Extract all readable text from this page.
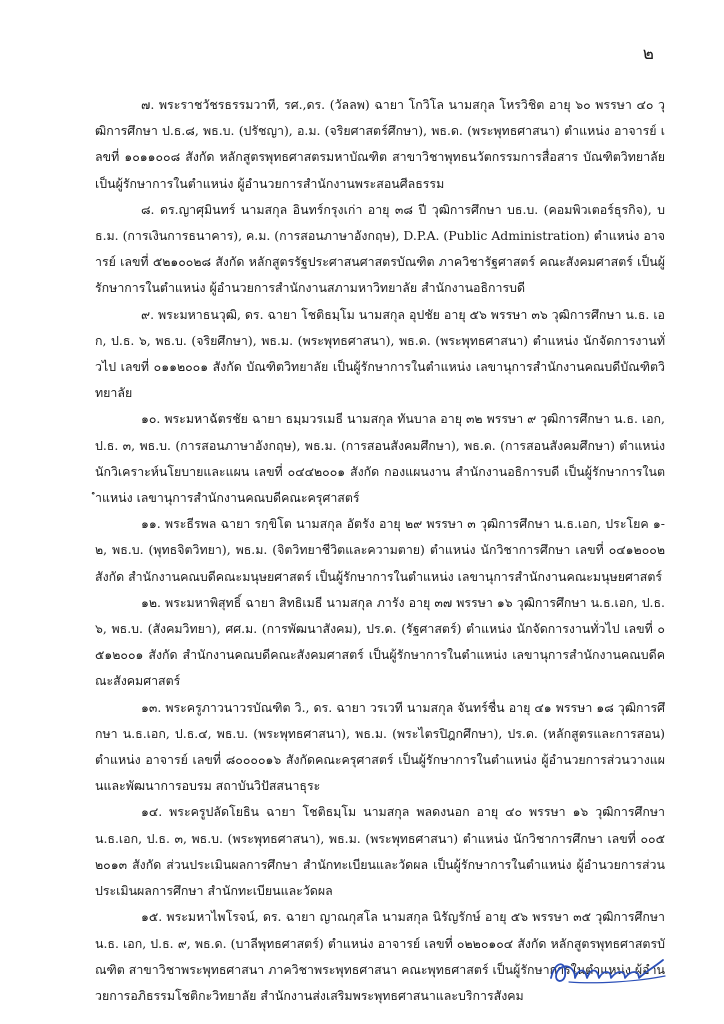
๒

๗. พระราชวัชรธรรมวาที, รศ.,ดร. (วัลลพ) ฉายา โกวิโล นามสกุล โหรวิชิต อายุ ๖๐ พรรษา ๔๐ วุฒิการศึกษา ป.ธ.๘, พธ.บ. (ปรัชญา), อ.ม. (จริยศาสตร์ศึกษา), พธ.ด. (พระพุทธศาสนา) ตำแหน่ง อาจารย์ เลขที่ ๑๐๑๑๐๐๘ สังกัด หลักสูตรพุทธศาสตรมหาบัณฑิต สาขาวิชาพุทธนวัตกรรมการสื่อสาร บัณฑิตวิทยาลัย เป็นผู้รักษาการในตำแหน่ง ผู้อำนวยการสำนักงานพระสอนศีลธรรม

๘. ดร.ญาศุมินทร์ นามสกุล อินทร์กรุงเก่า อายุ ๓๘ ปี วุฒิการศึกษา บธ.บ. (คอมพิวเตอร์ธุรกิจ), บธ.ม. (การเงินการธนาคาร), ค.ม. (การสอนภาษาอังกฤษ), D.P.A. (Public Administration) ตำแหน่ง อาจารย์ เลขที่ ๕๒๑๐๐๒๘ สังกัด หลักสูตรรัฐประศาสนศาสตรบัณฑิต ภาควิชารัฐศาสตร์ คณะสังคมศาสตร์ เป็นผู้รักษาการในตำแหน่ง ผู้อำนวยการสำนักงานสภามหาวิทยาลัย สำนักงานอธิการบดี

๙. พระมหาธนวุฒิ, ดร. ฉายา โชติธมฺโม นามสกุล อุปชัย อายุ ๕๖ พรรษา ๓๖ วุฒิการศึกษา น.ธ. เอก, ป.ธ. ๖, พธ.บ. (จริยศึกษา), พธ.ม. (พระพุทธศาสนา), พธ.ด. (พระพุทธศาสนา) ตำแหน่ง นักจัดการงานทั่วไป เลขที่ ๐๑๑๒๐๐๑ สังกัด บัณฑิตวิทยาลัย เป็นผู้รักษาการในตำแหน่ง เลขานุการสำนักงานคณบดีบัณฑิตวิทยาลัย

๑๐. พระมหาฉัตรชัย ฉายา ธมฺมวรเมธี นามสกุล ทันบาล อายุ ๓๒ พรรษา ๙ วุฒิการศึกษา น.ธ. เอก, ป.ธ. ๓, พธ.บ. (การสอนภาษาอังกฤษ), พธ.ม. (การสอนสังคมศึกษา), พธ.ด. (การสอนสังคมศึกษา) ตำแหน่ง นักวิเคราะห์นโยบายและแผน เลขที่ ๐๔๔๒๐๐๑ สังกัด กองแผนงาน สำนักงานอธิการบดี เป็นผู้รักษาการในตำแหน่ง เลขานุการสำนักงานคณบดีคณะครุศาสตร์

๑๑. พระธีรพล ฉายา รกฺขิโต นามสกุล อัตรัง อายุ ๒๙ พรรษา ๓ วุฒิการศึกษา น.ธ.เอก, ประโยค ๑-๒, พธ.บ. (พุทธจิตวิทยา), พธ.ม. (จิตวิทยาชีวิตและความตาย) ตำแหน่ง นักวิชาการศึกษา เลขที่ ๐๔๑๒๐๐๒ สังกัด สำนักงานคณบดีคณะมนุษยศาสตร์ เป็นผู้รักษาการในตำแหน่ง เลขานุการสำนักงานคณะมนุษยศาสตร์

๑๒. พระมหาพิสุทธิ์ ฉายา สิทธิเมธี นามสกุล ภารัง อายุ ๓๗ พรรษา ๑๖ วุฒิการศึกษา น.ธ.เอก, ป.ธ. ๖, พธ.บ. (สังคมวิทยา), ศศ.ม. (การพัฒนาสังคม), ปร.ด. (รัฐศาสตร์) ตำแหน่ง นักจัดการงานทั่วไป เลขที่ ๐๕๑๒๐๐๑ สังกัด สำนักงานคณบดีคณะสังคมศาสตร์ เป็นผู้รักษาการในตำแหน่ง เลขานุการสำนักงานคณบดีคณะสังคมศาสตร์

๑๓. พระครูภาวนาวรบัณฑิต วิ., ดร. ฉายา วรเวที นามสกุล จันทร์ชื่น อายุ ๔๑ พรรษา ๑๘ วุฒิการศึกษา น.ธ.เอก, ป.ธ.๔, พธ.บ. (พระพุทธศาสนา), พธ.ม. (พระไตรปิฎกศึกษา), ปร.ด. (หลักสูตรและการสอน) ตำแหน่ง อาจารย์ เลขที่ ๘๐๐๐๐๑๖ สังกัดคณะครุศาสตร์ เป็นผู้รักษาการในตำแหน่ง ผู้อำนวยการส่วนวางแผนและพัฒนาการอบรม สถาบันวิปัสสนาธุระ

๑๔. พระครูปลัดโยธิน ฉายา โชติธมฺโม นามสกุล พลดงนอก อายุ ๔๐ พรรษา ๑๖ วุฒิการศึกษา น.ธ.เอก, ป.ธ. ๓, พธ.บ. (พระพุทธศาสนา), พธ.ม. (พระพุทธศาสนา) ตำแหน่ง นักวิชาการศึกษา เลขที่ ๐๐๕๒๐๑๓ สังกัด ส่วนประเมินผลการศึกษา สำนักทะเบียนและวัดผล เป็นผู้รักษาการในตำแหน่ง ผู้อำนวยการส่วนประเมินผลการศึกษา สำนักทะเบียนและวัดผล

๑๕. พระมหาไพโรจน์, ดร. ฉายา ญาณกุสโล นามสกุล นิรัญรักษ์ อายุ ๕๖ พรรษา ๓๕ วุฒิการศึกษา น.ธ. เอก, ป.ธ. ๙, พธ.ด. (บาลีพุทธศาสตร์) ตำแหน่ง อาจารย์ เลขที่ ๐๒๒๐๑๐๔ สังกัด หลักสูตรพุทธศาสตรบัณฑิต สาขาวิชาพระพุทธศาสนา ภาควิชาพระพุทธศาสนา คณะพุทธศาสตร์ เป็นผู้รักษาการในตำแหน่ง ผู้อำนวยการอภิธรรมโชติกะวิทยาลัย สำนักงานส่งเสริมพระพุทธศาสนาและบริการสังคม
